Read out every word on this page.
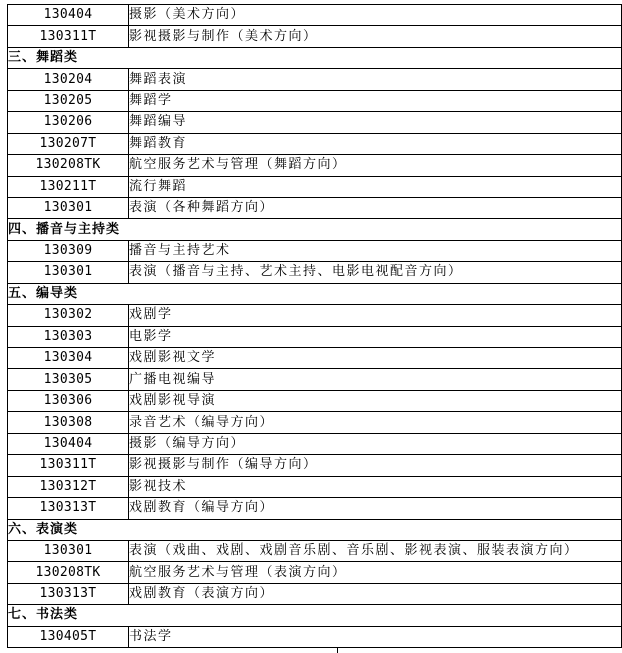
130404	摄影（美术方向）
130311T	影视摄影与制作（美术方向）
三、舞蹈类	
130204	舞蹈表演
130205	舞蹈学
130206	舞蹈编导
130207T	舞蹈教育
130208TK	航空服务艺术与管理（舞蹈方向）
130211T	流行舞蹈
130301	表演（各种舞蹈方向）
四、播音与主持类	
130309	播音与主持艺术
130301	表演（播音与主持、艺术主持、电影电视配音方向）
五、编导类	
130302	戏剧学
130303	电影学
130304	戏剧影视文学
130305	广播电视编导
130306	戏剧影视导演
130308	录音艺术（编导方向）
130404	摄影（编导方向）
130311T	影视摄影与制作（编导方向）
130312T	影视技术
130313T	戏剧教育（编导方向）
六、表演类	
130301	表演（戏曲、戏剧、戏剧音乐剧、音乐剧、影视表演、服装表演方向）
130208TK	航空服务艺术与管理（表演方向）
130313T	戏剧教育（表演方向）
七、书法类	
130405T	书法学
